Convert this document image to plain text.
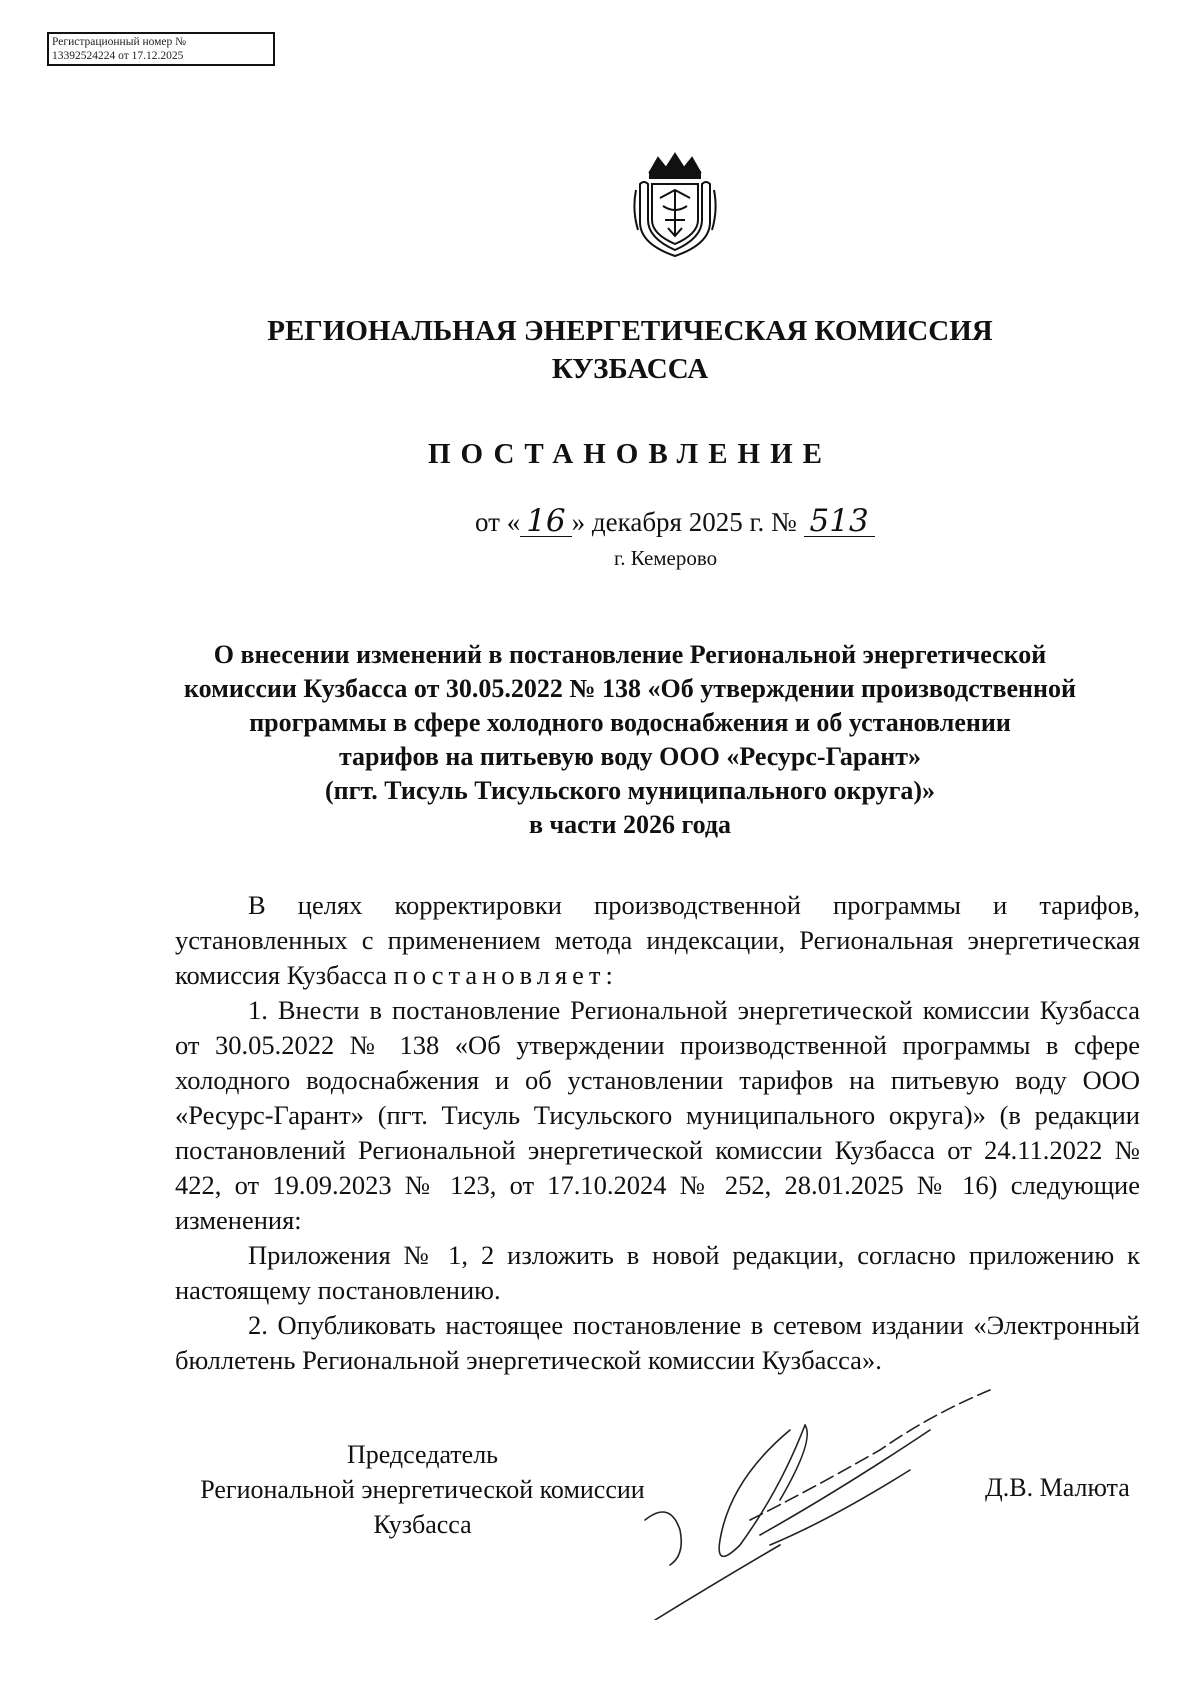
Регистрационный номер №
13392524224 от 17.12.2025
РЕГИОНАЛЬНАЯ ЭНЕРГЕТИЧЕСКАЯ КОМИССИЯ
КУЗБАССА
ПОСТАНОВЛЕНИЕ
от « 16 » декабря 2025 г. № 513
г. Кемерово
О внесении изменений в постановление Региональной энергетической
комиссии Кузбасса от 30.05.2022 № 138 «Об утверждении производственной
программы в сфере холодного водоснабжения и об установлении
тарифов на питьевую воду ООО «Ресурс-Гарант»
(пгт. Тисуль Тисульского муниципального округа)»
в части 2026 года

В целях корректировки производственной программы и тарифов, установленных с применением метода индексации, Региональная энергетическая комиссия Кузбасса постановляет:

1. Внести в постановление Региональной энергетической комиссии Кузбасса от 30.05.2022 № 138 «Об утверждении производственной программы в сфере холодного водоснабжения и об установлении тарифов на питьевую воду ООО «Ресурс-Гарант» (пгт. Тисуль Тисульского муниципального округа)» (в редакции постановлений Региональной энергетической комиссии Кузбасса от 24.11.2022 № 422, от 19.09.2023 № 123, от 17.10.2024 № 252, 28.01.2025 № 16) следующие изменения:

Приложения № 1, 2 изложить в новой редакции, согласно приложению к настоящему постановлению.

2. Опубликовать настоящее постановление в сетевом издании «Электронный бюллетень Региональной энергетической комиссии Кузбасса».

Председатель
Региональной энергетической комиссии
Кузбасса
Д.В. Малюта
